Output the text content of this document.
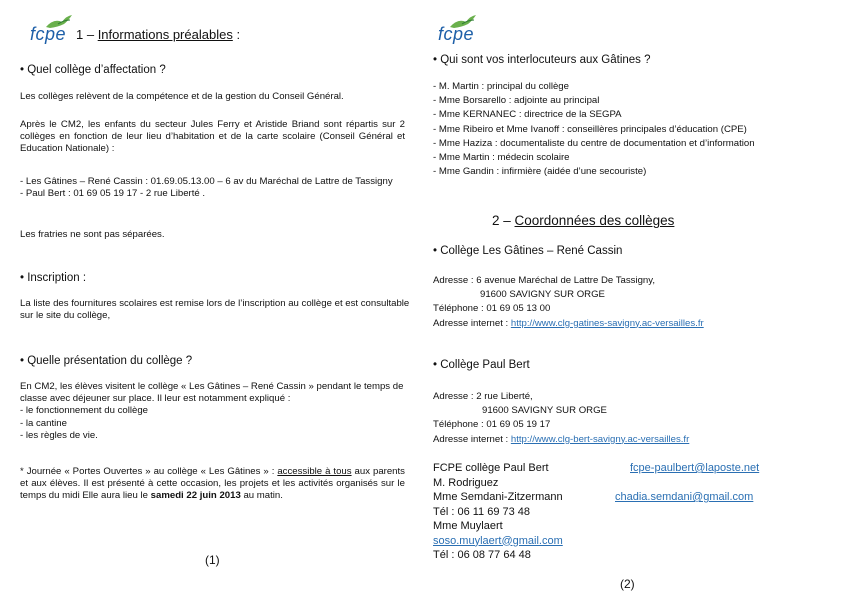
fcpe 1 – Informations préalables :
• Quel collège d’affectation ?
Les collèges relèvent de la compétence et de la gestion du Conseil Général.
Après le CM2, les enfants du secteur Jules Ferry et Aristide Briand sont répartis sur 2 collèges en fonction de leur lieu d’habitation et de la carte scolaire (Conseil Général et Education Nationale) :
- Les Gâtines – René Cassin : 01.69.05.13.00 – 6 av du Maréchal de Lattre de Tassigny
- Paul Bert : 01 69 05 19 17 - 2 rue Liberté .
Les fratries ne sont pas séparées.
• Inscription :
La liste des fournitures scolaires est remise lors de l’inscription au collège et est consultable sur le site du collège,
• Quelle présentation du collège ?
En CM2, les élèves visitent le collège « Les Gâtines – René Cassin » pendant le temps de classe avec déjeuner sur place. Il leur est notamment expliqué :
- le fonctionnement du collège
- la cantine
- les règles de vie.
* Journée « Portes Ouvertes » au collège « Les Gâtines » : accessible à tous aux parents et aux élèves. Il est présenté à cette occasion, les projets et les activités organisés sur le temps du midi Elle aura lieu le samedi 22 juin 2013 au matin.
(1)
fcpe
• Qui sont vos interlocuteurs aux Gâtines ?
- M. Martin : principal du collège
- Mme Borsarello : adjointe au principal
- Mme KERNANEC : directrice de la SEGPA
- Mme Ribeiro et Mme Ivanoff : conseillères principales d’éducation (CPE)
- Mme Haziza : documentaliste du centre de documentation et d’information
- Mme Martin : médecin scolaire
- Mme Gandin : infirmière (aidée d’une secouriste)
2 – Coordonnées des collèges
• Collège Les Gâtines – René Cassin
Adresse : 6 avenue Maréchal de Lattre De Tassigny,
91600 SAVIGNY SUR ORGE
Téléphone : 01 69 05 13 00
Adresse internet : http://www.clg-gatines-savigny.ac-versailles.fr
• Collège Paul Bert
Adresse : 2 rue Liberté,
91600 SAVIGNY SUR ORGE
Téléphone : 01 69 05 19 17
Adresse internet : http://www.clg-bert-savigny.ac-versailles.fr
FCPE collège Paul Bert
M. Rodriguez
Mme Semdani-Zitzermann
Tél : 06 11 69 73 48
Mme Muylaert
soso.muylaert@gmail.com
Tél : 06 08 77 64 48
fcpe-paulbert@laposte.net
chadia.semdani@gmail.com
(2)
